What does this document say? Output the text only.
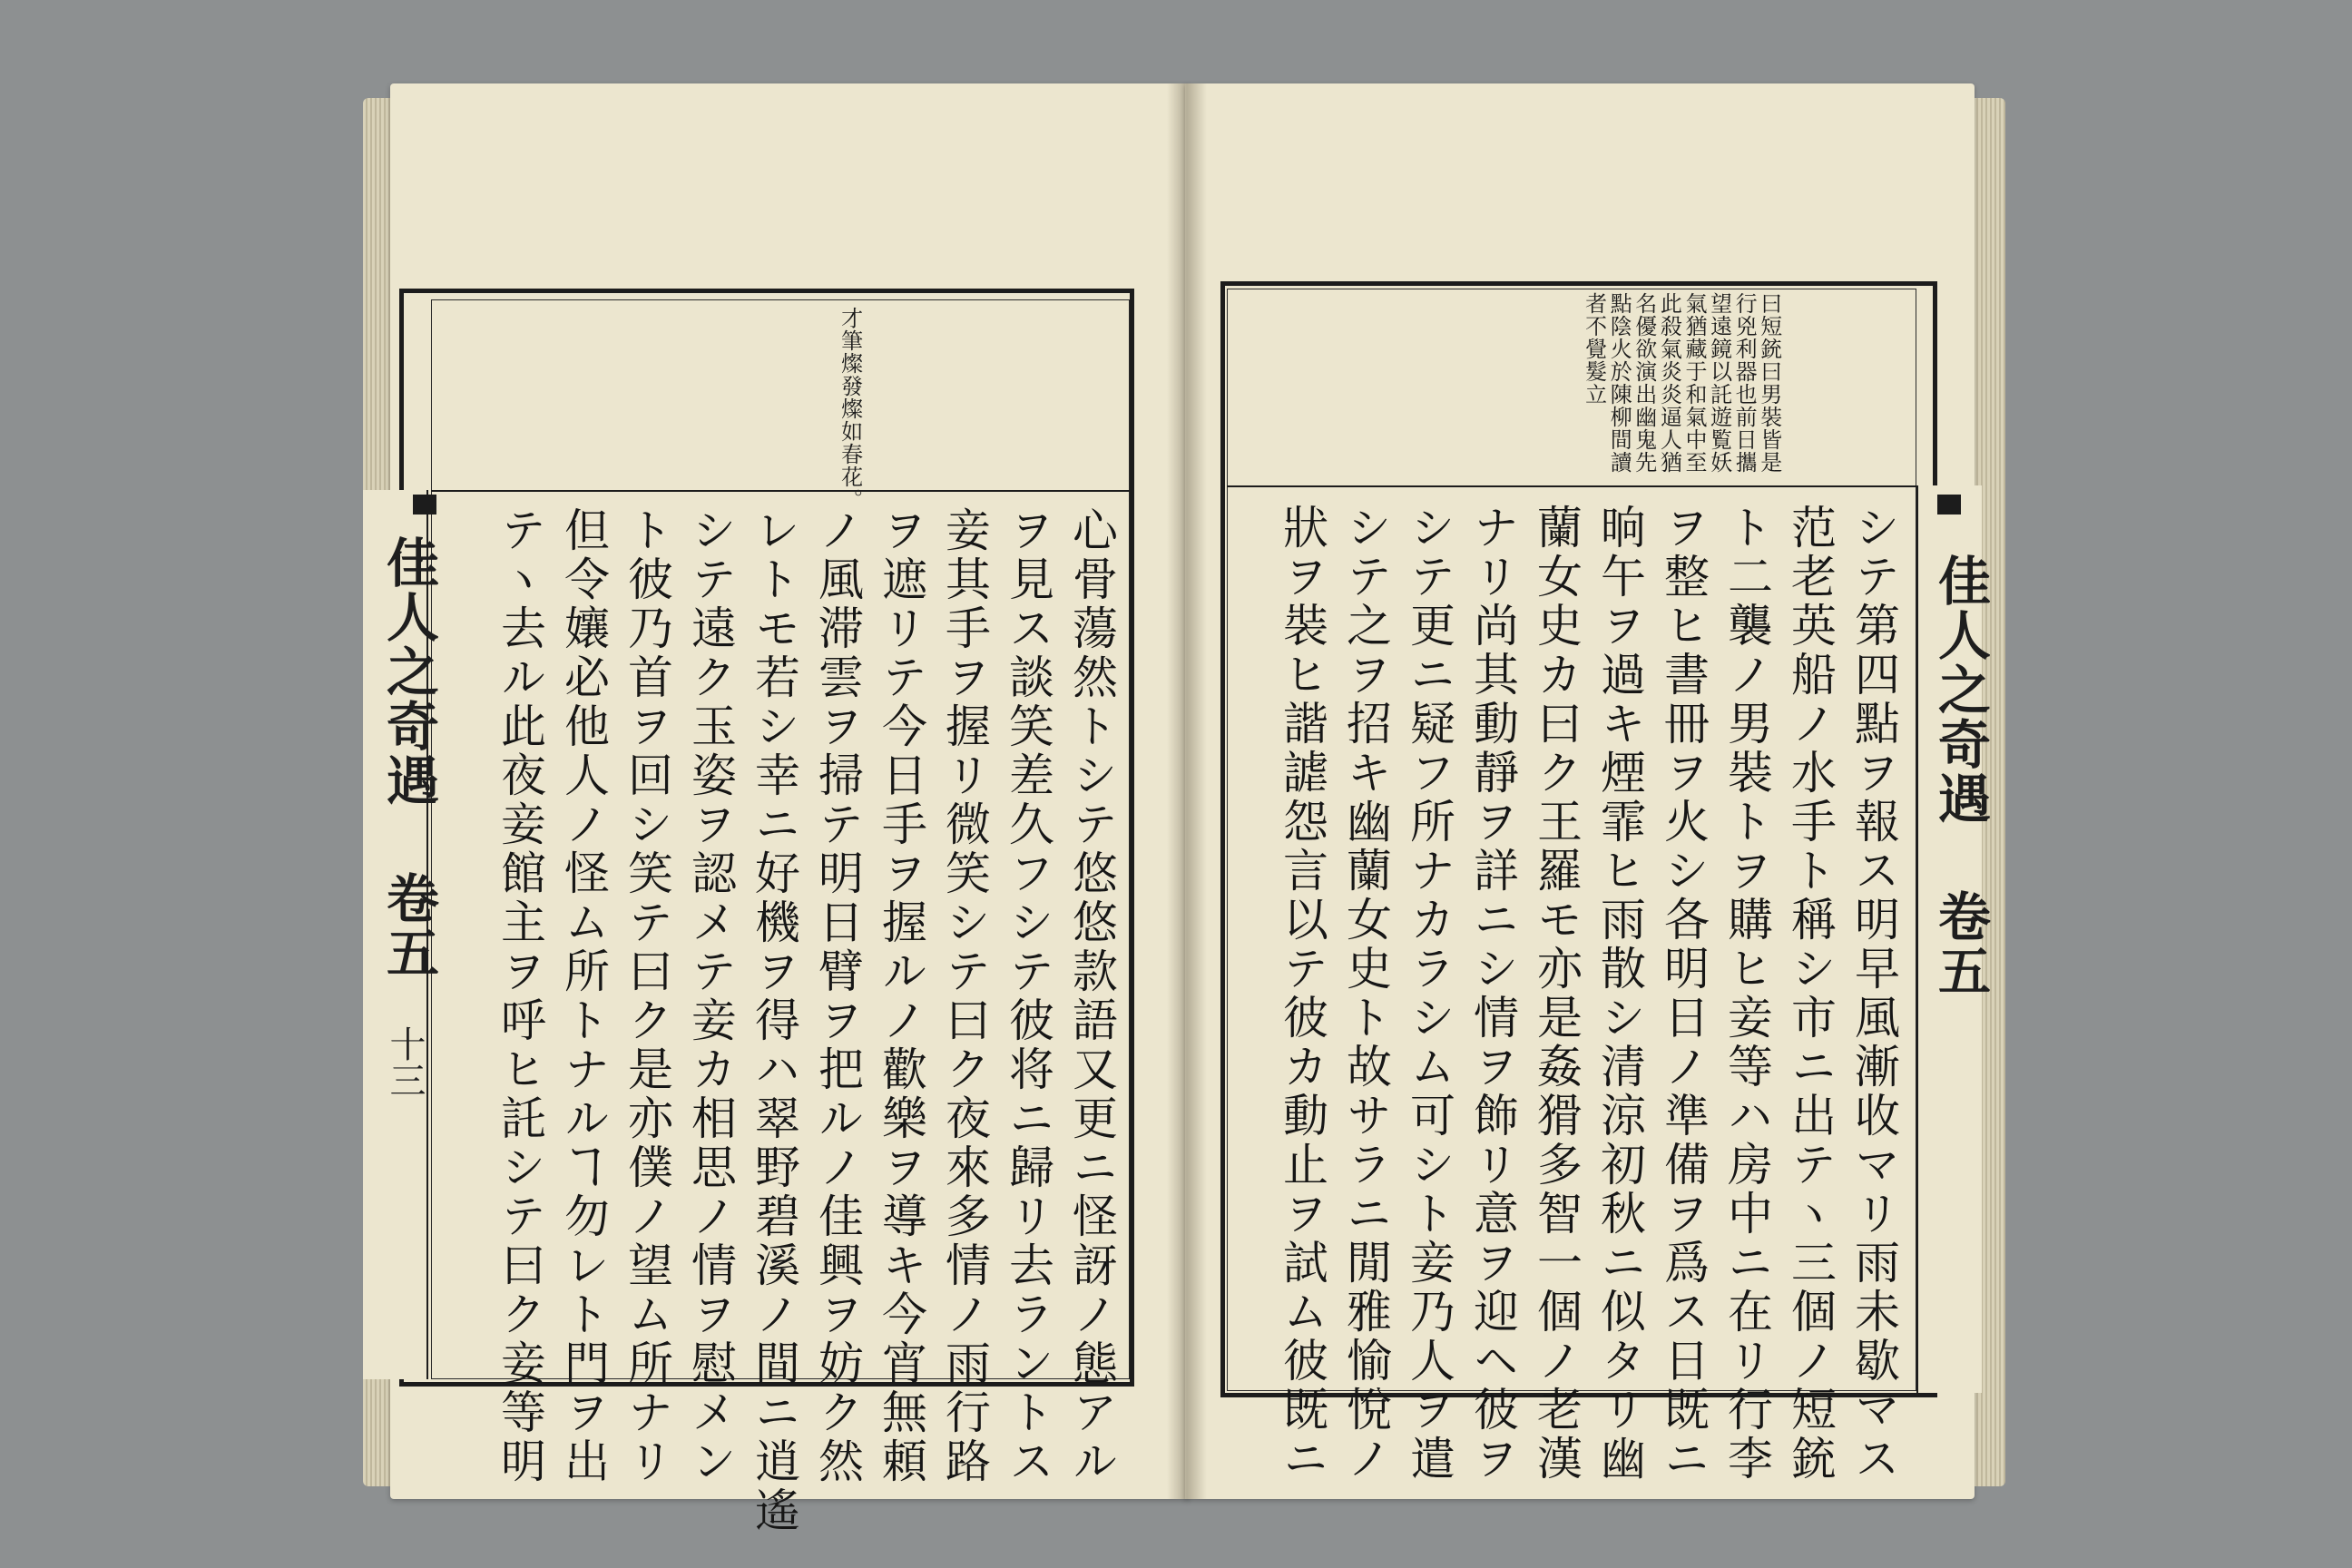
佳人之奇遇 卷五
十三
才筆燦發燦如春花。
心骨蕩然トシテ悠悠款語又更ニ怪訝ノ態アル
ヲ見ス談笑差久フシテ彼将ニ歸リ去ラントス
妾其手ヲ握リ微笑シテ曰ク夜來多情ノ雨行路
ヲ遮リテ今日手ヲ握ルノ歡樂ヲ導キ今宵無頼
ノ風滞雲ヲ掃テ明日臂ヲ把ルノ佳興ヲ妨ク然
レトモ若シ幸ニ好機ヲ得ハ翠野碧溪ノ間ニ逍遙
シテ遠ク玉姿ヲ認メテ妾カ相思ノ情ヲ慰メン
ト彼乃首ヲ回シ笑テ曰ク是亦僕ノ望ム所ナリ
但令孃必他人ノ怪ム所トナルヿ勿レト門ヲ出
テヽ去ル此夜妾館主ヲ呼ヒ託シテ曰ク妾等明	佳人之奇遇 卷五
曰短銃曰男裝皆是
行兇利器也前日攜
望遠鏡以託遊覧妖
氣猶藏于和氣中至
此殺氣炎炎逼人猶
名優欲演出幽鬼先
點陰火於陳柳間讀
者不覺髮立
シテ第四點ヲ報ス明早風漸收マリ雨未歇マス
范老英船ノ水手ト稱シ市ニ出テヽ三個ノ短銃
ト二襲ノ男裝トヲ購ヒ妾等ハ房中ニ在リ行李
ヲ整ヒ書冊ヲ火シ各明日ノ準備ヲ爲ス日既ニ
晌午ヲ過キ煙霏ヒ雨散シ清涼初秋ニ似タリ幽
蘭女史カ曰ク王羅モ亦是姦猾多智一個ノ老漢
ナリ尚其動靜ヲ詳ニシ情ヲ飾リ意ヲ迎ヘ彼ヲ
シテ更ニ疑フ所ナカラシム可シト妾乃人ヲ遣
シテ之ヲ招キ幽蘭女史ト故サラニ閒雅愉悅ノ
狀ヲ裝ヒ諧謔怨言以テ彼カ動止ヲ試ム彼既ニ
